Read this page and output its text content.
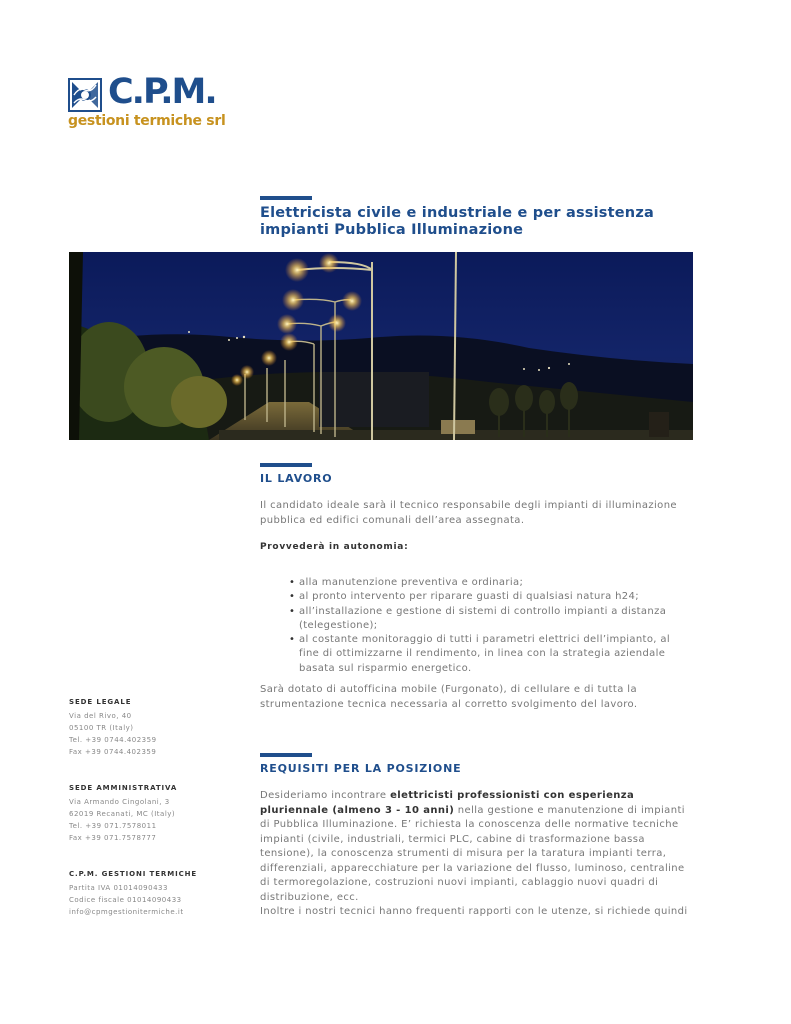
C.P.M.
gestioni termiche srl
Elettricista civile e industriale e per assistenza
impianti Pubblica Illuminazione
IL LAVORO

Il candidato ideale sarà il tecnico responsabile degli impianti di illuminazione pubblica ed edifici comunali dell’area assegnata.

Provvederà in autonomia:

• alla manutenzione preventiva e ordinaria;
• al pronto intervento per riparare guasti di qualsiasi natura h24;
• all’installazione e gestione di sistemi di controllo impianti a distanza (telegestione);
• al costante monitoraggio di tutti i parametri elettrici dell’impianto, al fine di ottimizzarne il rendimento, in linea con la strategia aziendale basata sul risparmio energetico.

Sarà dotato di autofficina mobile (Furgonato), di cellulare e di tutta la strumentazione tecnica necessaria al corretto svolgimento del lavoro.

REQUISITI PER LA POSIZIONE

Desideriamo incontrare elettricisti professionisti con esperienza pluriennale (almeno 3 - 10 anni) nella gestione e manutenzione di impianti di Pubblica Illuminazione. E’ richiesta la conoscenza delle normative tecniche impianti (civile, industriali, termici PLC, cabine di trasformazione bassa tensione), la conoscenza strumenti di misura per la taratura impianti terra, differenziali, apparecchiature per la variazione del flusso, luminoso, centraline di termoregolazione, costruzioni nuovi impianti, cablaggio nuovi quadri di distribuzione, ecc.
Inoltre i nostri tecnici hanno frequenti rapporti con le utenze, si richiede quindi

SEDE LEGALE

Via del Rivo, 40

05100 TR (Italy)

Tel. +39 0744.402359

Fax +39 0744.402359

SEDE AMMINISTRATIVA

Via Armando Cingolani, 3

62019 Recanati, MC (Italy)

Tel. +39 071.7578011

Fax +39 071.7578777

C.P.M. GESTIONI TERMICHE

Partita IVA 01014090433

Codice fiscale 01014090433

info@cpmgestionitermiche.it
